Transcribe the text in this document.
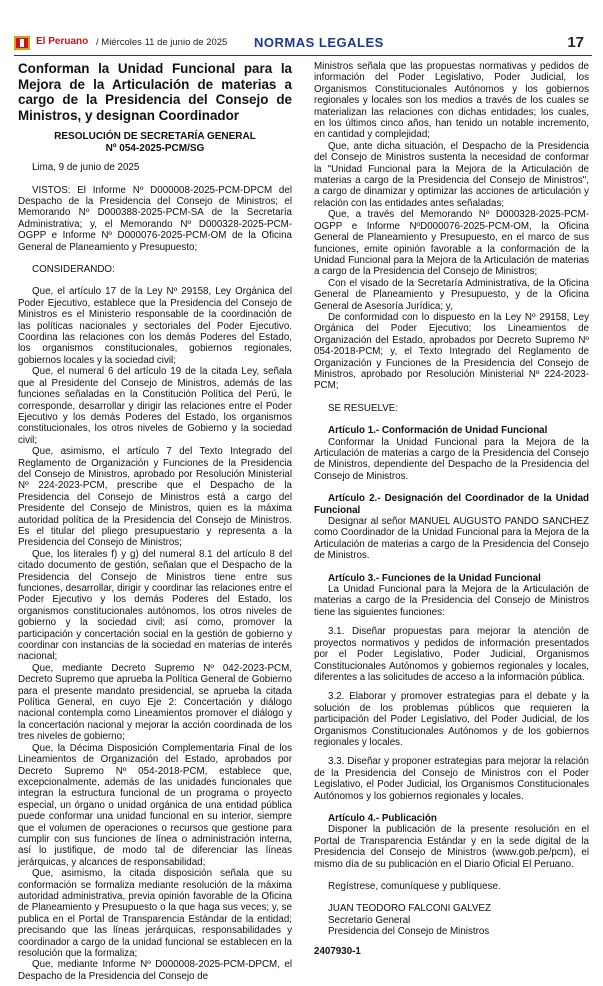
El Peruano / Miércoles 11 de junio de 2025 NORMAS LEGALES	17

Conforman la Unidad Funcional para la Mejora de la Articulación de materias a cargo de la Presidencia del Consejo de Ministros, y designan Coordinador

RESOLUCIÓN DE SECRETARÍA GENERAL

Nº 054-2025-PCM/SG

Lima, 9 de junio de 2025

VISTOS: El Informe Nº D000008-2025-PCM-DPCM del Despacho de la Presidencia del Consejo de Ministros; el Memorando Nº D000388-2025-PCM-SA de la Secretaría Administrativa; y, el Memorando Nº D000328-2025-PCM-OGPP e Informe Nº D000076-2025-PCM-OM de la Oficina General de Planeamiento y Presupuesto;

CONSIDERANDO:

Que, el artículo 17 de la Ley Nº 29158, Ley Orgánica del Poder Ejecutivo, establece que la Presidencia del Consejo de Ministros es el Ministerio responsable de la coordinación de las políticas nacionales y sectoriales del Poder Ejecutivo. Coordina las relaciones con los demás Poderes del Estado, los organismos constitucionales, gobiernos regionales, gobiernos locales y la sociedad civil;

Que, el numeral 6 del artículo 19 de la citada Ley, señala que al Presidente del Consejo de Ministros, además de las funciones señaladas en la Constitución Política del Perú, le corresponde, desarrollar y dirigir las relaciones entre el Poder Ejecutivo y los demás Poderes del Estado, los organismos constitucionales, los otros niveles de Gobierno y la sociedad civil;

Que, asimismo, el artículo 7 del Texto Integrado del Reglamento de Organización y Funciones de la Presidencia del Consejo de Ministros, aprobado por Resolución Ministerial Nº 224-2023-PCM, prescribe que el Despacho de la Presidencia del Consejo de Ministros está a cargo del Presidente del Consejo de Ministros, quien es la máxima autoridad política de la Presidencia del Consejo de Ministros. Es el titular del pliego presupuestario y representa a la Presidencia del Consejo de Ministros;

Que, los literales f) y g) del numeral 8.1 del artículo 8 del citado documento de gestión, señalan que el Despacho de la Presidencia del Consejo de Ministros tiene entre sus funciones, desarrollar, dirigir y coordinar las relaciones entre el Poder Ejecutivo y los demás Poderes del Estado, los organismos constitucionales autónomos, los otros niveles de gobierno y la sociedad civil; así como, promover la participación y concertación social en la gestión de gobierno y coordinar con instancias de la sociedad en materias de interés nacional;

Que, mediante Decreto Supremo Nº 042-2023-PCM, Decreto Supremo que aprueba la Política General de Gobierno para el presente mandato presidencial, se aprueba la citada Política General, en cuyo Eje 2: Concertación y diálogo nacional contempla como Lineamientos promover el diálogo y la concertación nacional y mejorar la acción coordinada de los tres niveles de gobierno;

Que, la Décima Disposición Complementaria Final de los Lineamientos de Organización del Estado, aprobados por Decreto Supremo Nº 054-2018-PCM, establece que, excepcionalmente, además de las unidades funcionales que integran la estructura funcional de un programa o proyecto especial, un órgano o unidad orgánica de una entidad pública puede conformar una unidad funcional en su interior, siempre que el volumen de operaciones o recursos que gestione para cumplir con sus funciones de línea o administración interna, así lo justifique, de modo tal de diferenciar las líneas jerárquicas, y alcances de responsabilidad;

Que, asimismo, la citada disposición señala que su conformación se formaliza mediante resolución de la máxima autoridad administrativa, previa opinión favorable de la Oficina de Planeamiento y Presupuesto o la que haga sus veces; y, se publica en el Portal de Transparencia Estándar de la entidad; precisando que las líneas jerárquicas, responsabilidades y coordinador a cargo de la unidad funcional se establecen en la resolución que la formaliza;

Que, mediante Informe Nº D000008-2025-PCM-DPCM, el Despacho de la Presidencia del Consejo de

Ministros señala que las propuestas normativas y pedidos de información del Poder Legislativo, Poder Judicial, los Organismos Constitucionales Autónomos y los gobiernos regionales y locales son los medios a través de los cuales se materializan las relaciones con dichas entidades; los cuales, en los últimos cinco años, han tenido un notable incremento, en cantidad y complejidad;

Que, ante dicha situación, el Despacho de la Presidencia del Consejo de Ministros sustenta la necesidad de conformar la "Unidad Funcional para la Mejora de la Articulación de materias a cargo de la Presidencia del Consejo de Ministros", a cargo de dinamizar y optimizar las acciones de articulación y relación con las entidades antes señaladas;

Que, a través del Memorando Nº D000328-2025-PCM-OGPP e Informe NºD000076-2025-PCM-OM, la Oficina General de Planeamiento y Presupuesto, en el marco de sus funciones, emite opinión favorable a la conformación de la Unidad Funcional para la Mejora de la Articulación de materias a cargo de la Presidencia del Consejo de Ministros;

Con el visado de la Secretaría Administrativa, de la Oficina General de Planeamiento y Presupuesto, y de la Oficina General de Asesoría Jurídica; y,

De conformidad con lo dispuesto en la Ley Nº 29158, Ley Orgánica del Poder Ejecutivo; los Lineamientos de Organización del Estado, aprobados por Decreto Supremo Nº 054-2018-PCM; y, el Texto Integrado del Reglamento de Organización y Funciones de la Presidencia del Consejo de Ministros, aprobado por Resolución Ministerial Nº 224-2023-PCM;

SE RESUELVE:

Artículo 1.- Conformación de Unidad Funcional

Conformar la Unidad Funcional para la Mejora de la Articulación de materias a cargo de la Presidencia del Consejo de Ministros, dependiente del Despacho de la Presidencia del Consejo de Ministros.

Artículo 2.- Designación del Coordinador de la Unidad Funcional

Designar al señor MANUEL AUGUSTO PANDO SANCHEZ como Coordinador de la Unidad Funcional para la Mejora de la Articulación de materias a cargo de la Presidencia del Consejo de Ministros.

Artículo 3.- Funciones de la Unidad Funcional

La Unidad Funcional para la Mejora de la Articulación de materias a cargo de la Presidencia del Consejo de Ministros tiene las siguientes funciones:

3.1. Diseñar propuestas para mejorar la atención de proyectos normativos y pedidos de información presentados por el Poder Legislativo, Poder Judicial, Organismos Constitucionales Autónomos y gobiernos regionales y locales, diferentes a las solicitudes de acceso a la información pública.

3.2. Elaborar y promover estrategias para el debate y la solución de los problemas públicos que requieren la participación del Poder Legislativo, del Poder Judicial, de los Organismos Constitucionales Autónomos y de los gobiernos regionales y locales.

3.3. Diseñar y proponer estrategias para mejorar la relación de la Presidencia del Consejo de Ministros con el Poder Legislativo, el Poder Judicial, los Organismos Constitucionales Autónomos y los gobiernos regionales y locales.

Artículo 4.- Publicación

Disponer la publicación de la presente resolución en el Portal de Transparencia Estándar y en la sede digital de la Presidencia del Consejo de Ministros (www.gob.pe/pcm), el mismo día de su publicación en el Diario Oficial El Peruano.

Regístrese, comuníquese y publíquese.

JUAN TEODORO FALCONI GALVEZ

Secretario General

Presidencia del Consejo de Ministros

2407930-1
